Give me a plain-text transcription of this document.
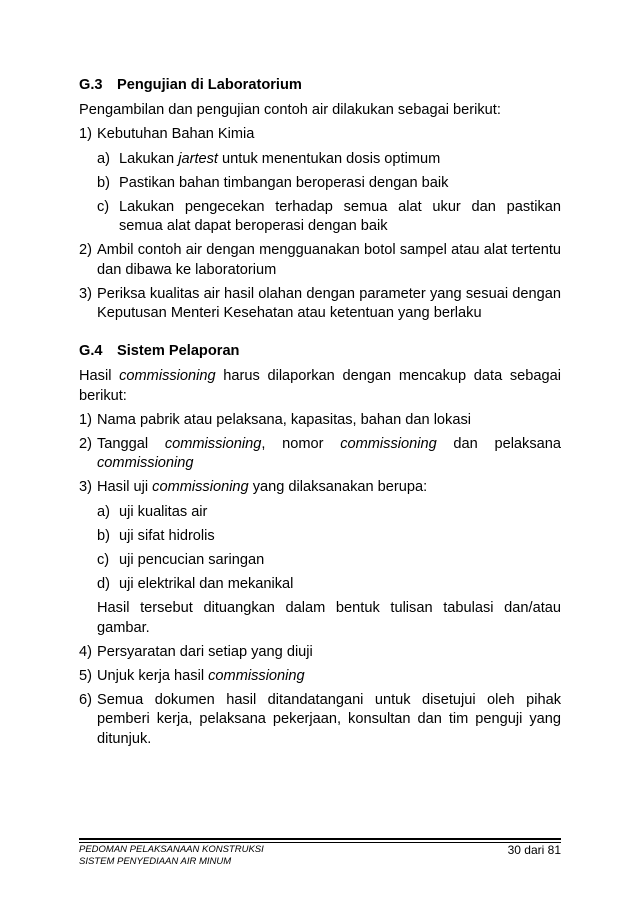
G.3 Pengujian di Laboratorium
Pengambilan dan pengujian contoh air dilakukan sebagai berikut:
1) Kebutuhan Bahan Kimia
a) Lakukan jartest untuk menentukan dosis optimum
b) Pastikan bahan timbangan beroperasi dengan baik
c) Lakukan pengecekan terhadap semua alat ukur dan pastikan semua alat dapat beroperasi dengan baik
2) Ambil contoh air dengan mengguanakan botol sampel atau alat tertentu dan dibawa ke laboratorium
3) Periksa kualitas air hasil olahan dengan parameter yang sesuai dengan Keputusan Menteri Kesehatan atau ketentuan yang berlaku
G.4 Sistem Pelaporan
Hasil commissioning harus dilaporkan dengan mencakup data sebagai berikut:
1) Nama pabrik atau pelaksana, kapasitas, bahan dan lokasi
2) Tanggal commissioning, nomor commissioning dan pelaksana commissioning
3) Hasil uji commissioning yang dilaksanakan berupa:
a) uji kualitas air
b) uji sifat hidrolis
c) uji pencucian saringan
d) uji elektrikal dan mekanikal
Hasil tersebut dituangkan dalam bentuk tulisan tabulasi dan/atau gambar.
4) Persyaratan dari setiap yang diuji
5) Unjuk kerja hasil commissioning
6) Semua dokumen hasil ditandatangani untuk disetujui oleh pihak pemberi kerja, pelaksana pekerjaan, konsultan dan tim penguji yang ditunjuk.
PEDOMAN PELAKSANAAN KONSTRUKSI
SISTEM PENYEDIAAN AIR MINUM
30 dari 81
